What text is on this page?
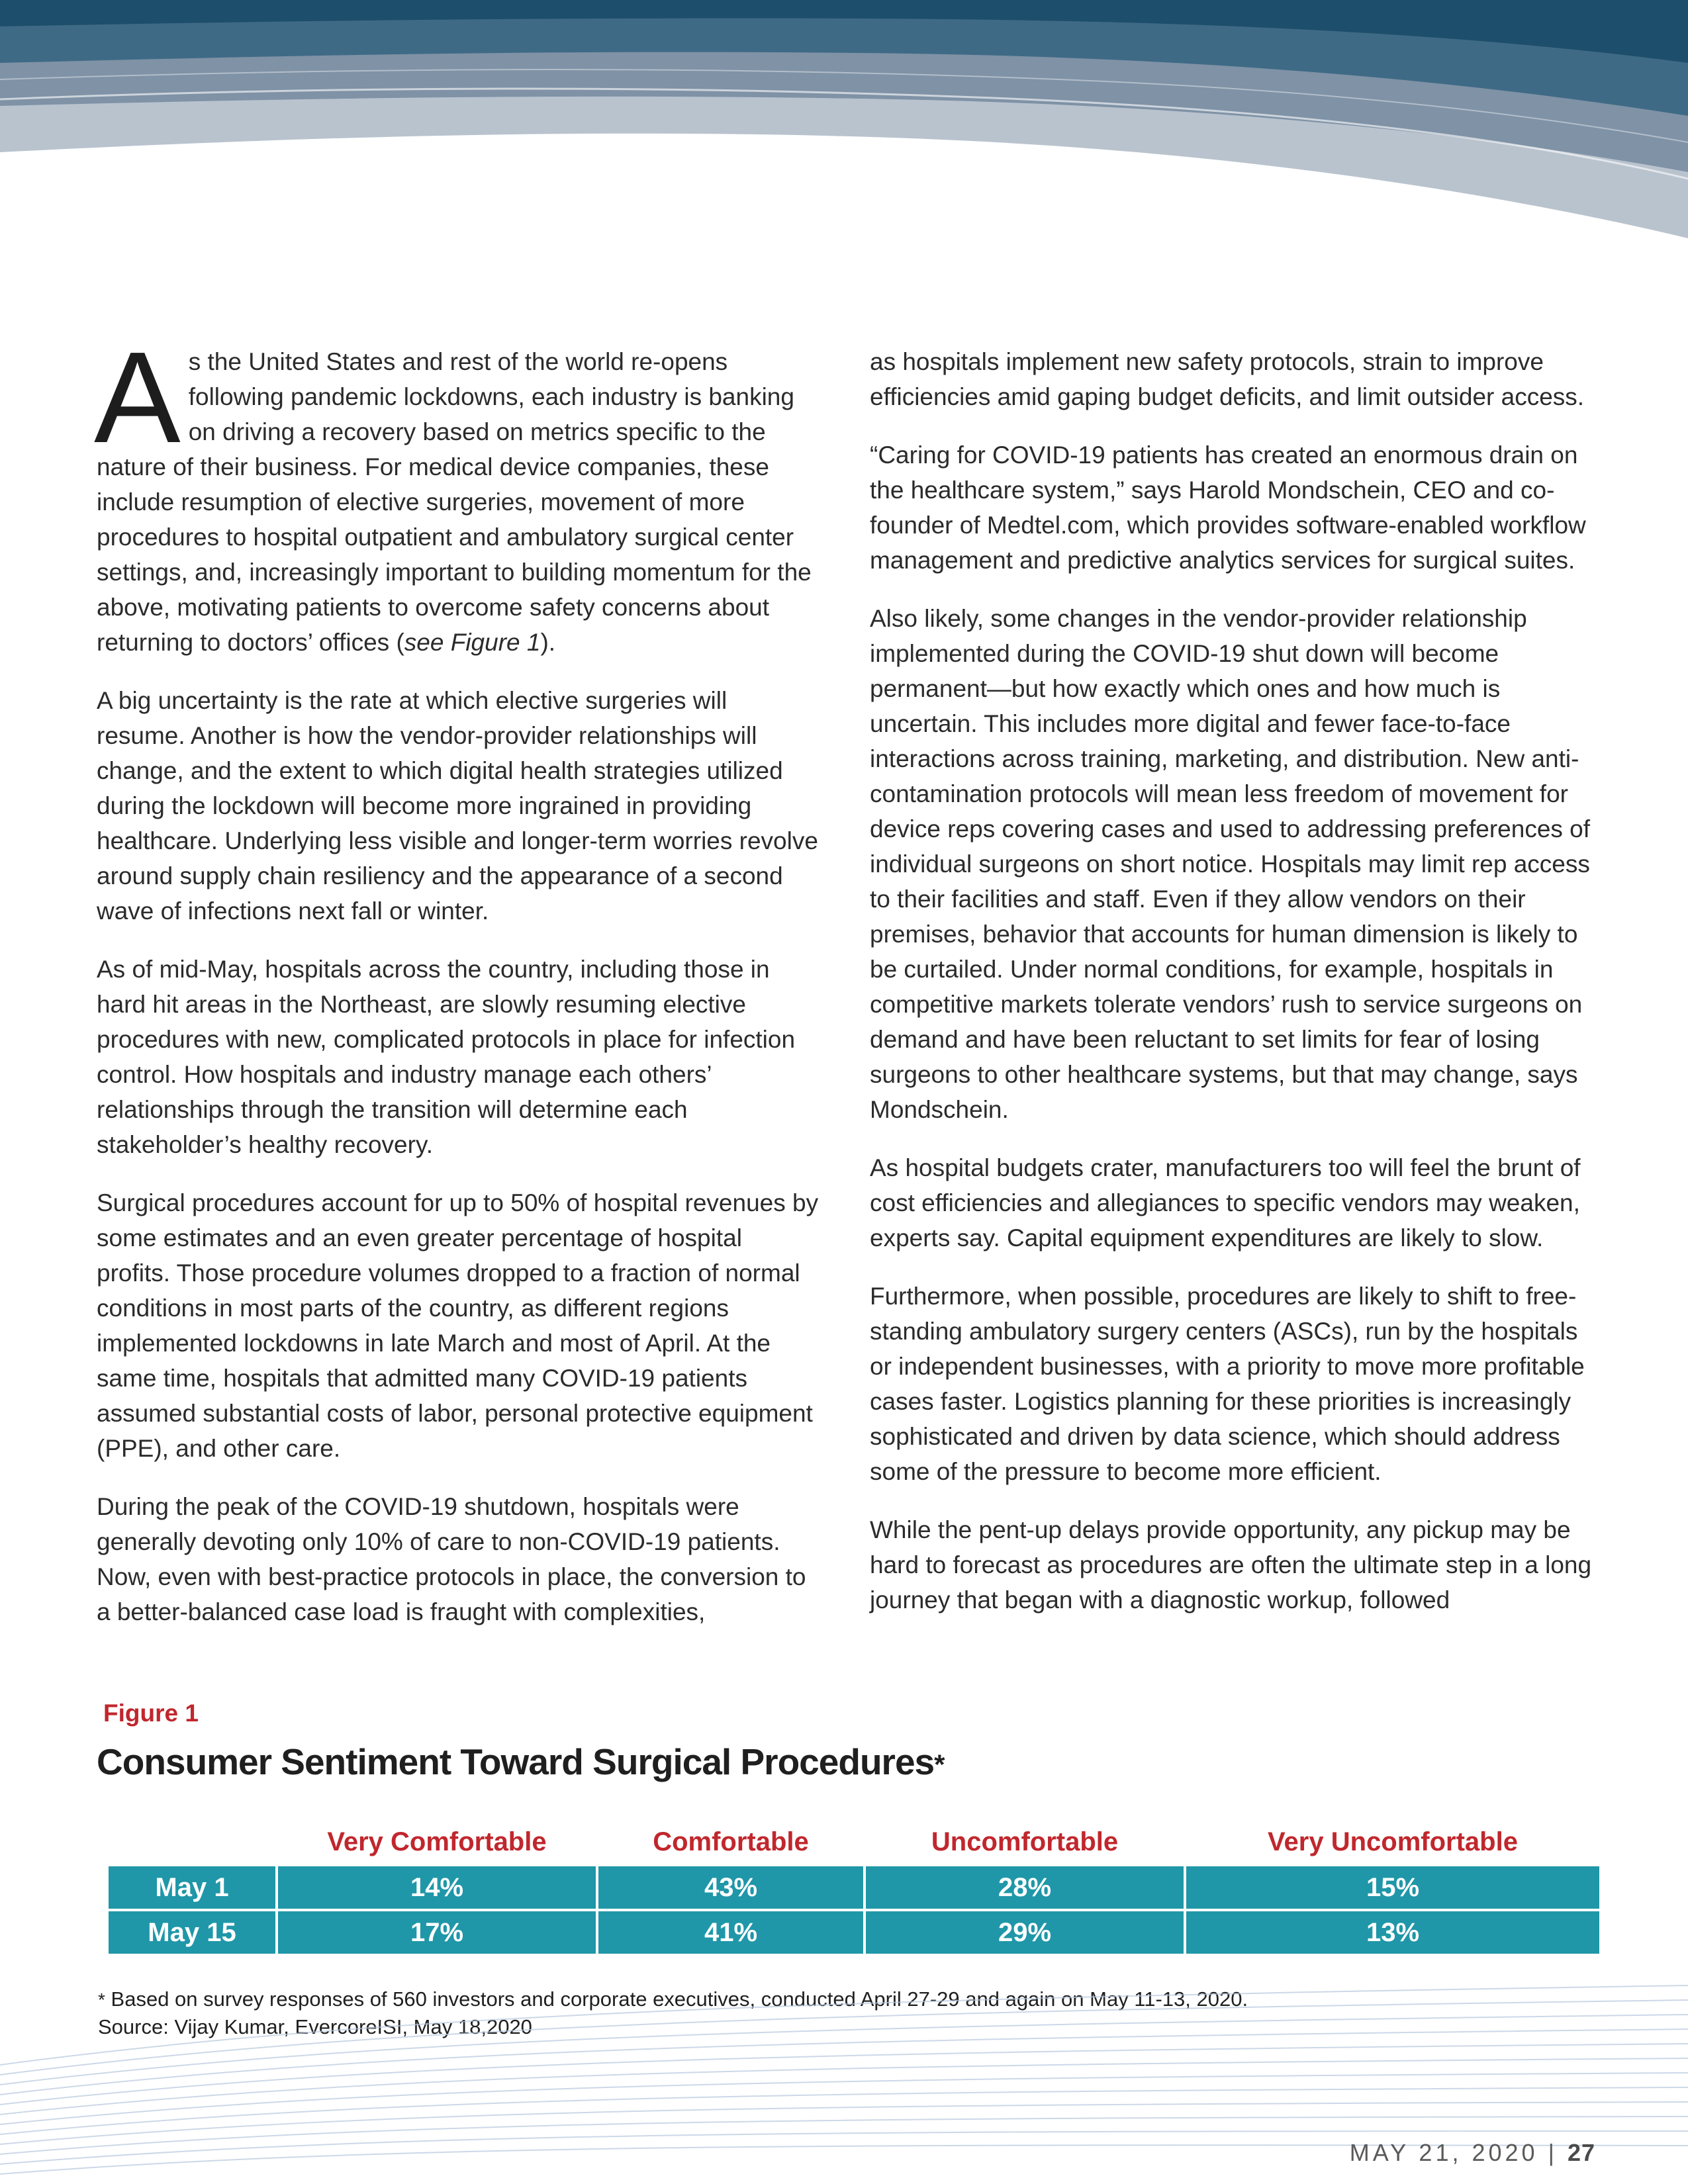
As the United States and rest of the world re-opens following pandemic lockdowns, each industry is banking on driving a recovery based on metrics specific to the nature of their business. For medical device companies, these include resumption of elective surgeries, movement of more procedures to hospital outpatient and ambulatory surgical center settings, and, increasingly important to building momentum for the above, motivating patients to overcome safety concerns about returning to doctors’ offices (see Figure 1).

A big uncertainty is the rate at which elective surgeries will resume. Another is how the vendor-provider relationships will change, and the extent to which digital health strategies utilized during the lockdown will become more ingrained in providing healthcare. Underlying less visible and longer-term worries revolve around supply chain resiliency and the appearance of a second wave of infections next fall or winter.

As of mid-May, hospitals across the country, including those in hard hit areas in the Northeast, are slowly resuming elective procedures with new, complicated protocols in place for infection control. How hospitals and industry manage each others’ relationships through the transition will determine each stakeholder’s healthy recovery.

Surgical procedures account for up to 50% of hospital revenues by some estimates and an even greater percentage of hospital profits. Those procedure volumes dropped to a fraction of normal conditions in most parts of the country, as different regions implemented lockdowns in late March and most of April. At the same time, hospitals that admitted many COVID-19 patients assumed substantial costs of labor, personal protective equipment (PPE), and other care.

During the peak of the COVID-19 shutdown, hospitals were generally devoting only 10% of care to non-COVID-19 patients. Now, even with best-practice protocols in place, the conversion to a better-balanced case load is fraught with complexities,

as hospitals implement new safety protocols, strain to improve efficiencies amid gaping budget deficits, and limit outsider access.

“Caring for COVID-19 patients has created an enormous drain on the healthcare system,” says Harold Mondschein, CEO and co-founder of Medtel.com, which provides software-enabled workflow management and predictive analytics services for surgical suites.

Also likely, some changes in the vendor-provider relationship implemented during the COVID-19 shut down will become permanent—but how exactly which ones and how much is uncertain. This includes more digital and fewer face-to-face interactions across training, marketing, and distribution. New anti-contamination protocols will mean less freedom of movement for device reps covering cases and used to addressing preferences of individual surgeons on short notice. Hospitals may limit rep access to their facilities and staff. Even if they allow vendors on their premises, behavior that accounts for human dimension is likely to be curtailed. Under normal conditions, for example, hospitals in competitive markets tolerate vendors’ rush to service surgeons on demand and have been reluctant to set limits for fear of losing surgeons to other healthcare systems, but that may change, says Mondschein.

As hospital budgets crater, manufacturers too will feel the brunt of cost efficiencies and allegiances to specific vendors may weaken, experts say. Capital equipment expenditures are likely to slow.

Furthermore, when possible, procedures are likely to shift to free-standing ambulatory surgery centers (ASCs), run by the hospitals or independent businesses, with a priority to move more profitable cases faster. Logistics planning for these priorities is increasingly sophisticated and driven by data science, which should address some of the pressure to become more efficient.

While the pent-up delays provide opportunity, any pickup may be hard to forecast as procedures are often the ultimate step in a long journey that began with a diagnostic workup, followed

Figure 1
Consumer Sentiment Toward Surgical Procedures*
	Very Comfortable	Comfortable	Uncomfortable	Very Uncomfortable
May 1	14%	43%	28%	15%
May 15	17%	41%	29%	13%
* Based on survey responses of 560 investors and corporate executives, conducted April 27-29 and again on May 11-13, 2020.
Source: Vijay Kumar, EvercoreISI, May 18,2020
MAY 21, 2020 | 27
